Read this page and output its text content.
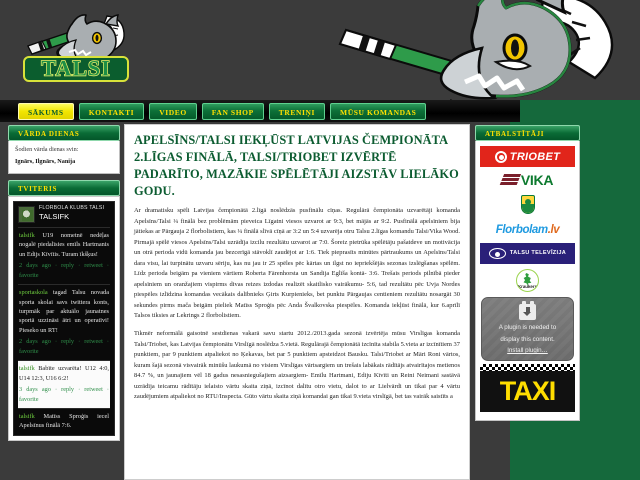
TALSI
SĀKUMS	KONTAKTI	VIDEO	FAN SHOP	TRENIŅI	MŪSU KOMANDAS
VĀRDA DIENAS
Šodien vārda dienas svin:
Ignārs, Ilgnārs, Nanija
TVITERIS
FLORBOLA KLUBS TALSI
TALSIFK
talsifk U19 nometnē nedēļas nogalē piedalīsies emīls Hartmanis un Edijs Kīvītis. Turam īkšķus!
2 days ago · reply · retweet · favorite
sportaskola tagad Talsu novada sporta skolai savs twittera konts, turpmāk par aktuālo jaunatnes sportā uzzināsi ātri un operatīvi! Pieseko un RT!
2 days ago · reply · retweet · favorite
talsifk Babīte uzvarēta! U12 4:0, U14 12:3, U16 6:2!
3 days ago · reply · retweet · favorite
talsifk Matīss Sproģis iecel Apelsīnus finālā 7:6.
APELSĪNS/TALSI IEKĻŪST LATVIJAS ČEMPIONĀTA 2.LĪGAS FINĀLĀ, TALSI/TRIOBET IZVĒRTĒ PADARĪTO, MAZĀKIE SPĒLĒTĀJI AIZSTĀV LIELĀKO GODU.

Ar dramatisku spēli Latvijas čempionātā 2.līgā noslēdzās pusfinālu cīņas. Regulārā čempionāta uzvarētāji komanda Apelsīns/Talsi ¼ finālā bez problēmām pieveica Līgatni viesos uzvarot ar 9:3, bet mājās ar 9:2. Pusfinālā apelsīniem bija jātiekas ar Pārgauja 2 florbolistiem, kas ¼ finālā slīvā cīņā ar 3:2 un 5:4 uzvarēja otru Talsu 2.līgas komandu Talsi/Vika Wood. Pirmajā spēlē viesos Apelsīns/Talsi uzrādīja izcilu rezultātu uzvarot ar 7:0. Šoreiz pietrūka spēlētāju pašatdeve un motivācija un otrā perioda vidū komanda jau bezcerīgā stāvoklī zaudējot ar 1:6. Tiek pieprasīts minūtes pārtraukums un Apelsīns/Talsi dara visu, lai turpinātu uzvaru sēriju, kas nu jau ir 25 spēles pēc kārtas un ilgst no iepriekšējās sezonas izslēgšanas spēlēm. Līdz perioda beigām pa vieniem vārtiem Roberta Fārenhorsta un Sandija Eglīša kontā- 3:6. Trešais periods pilnībā pieder apelsīniem un oranžajiem vispirms divas reizes izdodas realizēt skaitlisko vairākumu- 5:6, tad rezultātu pēc Uvja Nordes piespēles izlīdzina komandas vecākais dalībnieks Ģirts Kurpienieks, bet punktu Pārgaujas centieniem rezultātu nosargāt 30 sekundes pirms mača beigām pieliek Matīss Sproģis pēc Anda Švalkovska piespēles. Komanda iekļūst finālā, kur 6.aprīlī Talsos tiksies ar Lekrings 2 florbolistiem.

Tikmēr neformālā gaisotnē sestdienas vakarā savu startu 2012./2013.gada sezonā izvērtēja mūsu Virslīgas komanda Talsi/Triobet, kas Latvijas čempionātu Virslīgā noslēdza 5.vietā. Regulārajā čempionātā izcīnīta stabila 5.vieta ar izcīnītiem 37 punktiem, par 9 punktiem atpaliekot no Ķekavas, bet par 5 punktiem apsteidzot Bausku. Talsi/Triobet ar Māri Roni vārtos, kuram šajā sezonā visvairāk minūšu laukumā no visiem Virslīgas vārtsargiem un trešais labākais rādītājs atvairītajos metienos 84.7 %, un jaunajiem vēl 18 gadus nesasniegušajiem aizsargiem- Emīlu Hartmani, Ediju Kīvīti un Reini Neimani sastāvā uzrādīja teicamu rādītāju ielaisto vārtu skaita ziņā, izcīnot dalītu otro vietu, dalot to ar Lielvārdi un tikai par 4 vārtu zaudējumiem atpaliekot no RTU/Inspecta. Gūto vārtu skaita ziņā komandai gan tikai 9.vieta virslīgā, bet tas vairāk saistīts a

ATBALSTĪTĀJI
TRIOBET
VIKA
Florbolam.lv
TALSU TELEVĪZIJA
Kraukers
A plugin is needed to
display this content.
Install plugin…
TAXI
